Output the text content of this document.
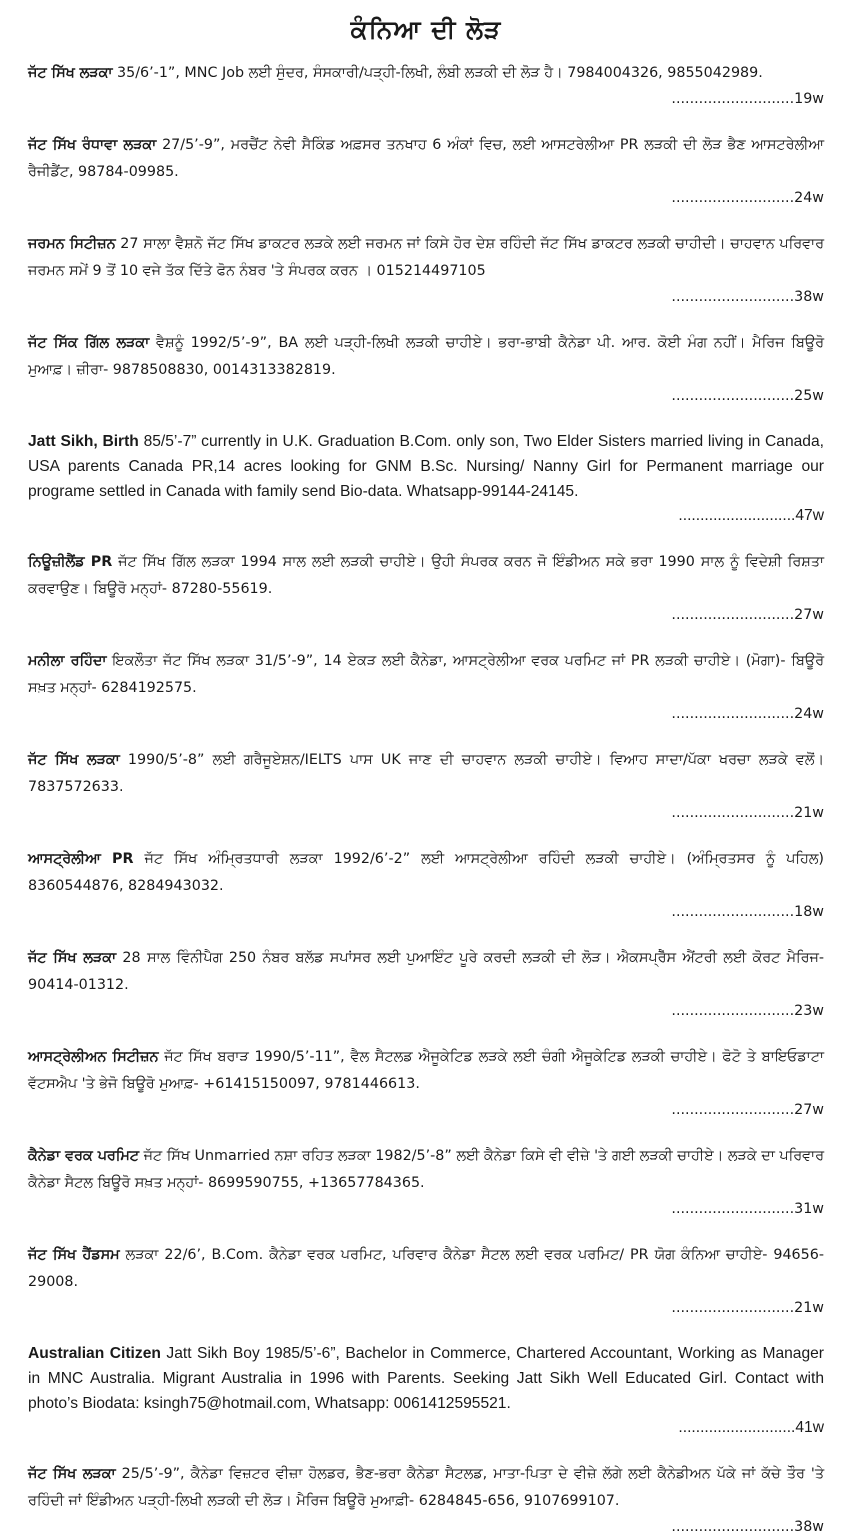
ਕੰਨਿਆ ਦੀ ਲੋੜ
ਜੱਟ ਸਿੱਖ ਲੜਕਾ 35/6’-1”, MNC Job ਲਈ ਸੁੰਦਰ, ਸੰਸਕਾਰੀ/ਪੜ੍ਹੀ-ਲਿਖੀ, ਲੰਬੀ ਲੜਕੀ ਦੀ ਲੋੜ ਹੈ। 7984004326, 9855042989.
...........................19w
ਜੱਟ ਸਿੱਖ ਰੰਧਾਵਾ ਲੜਕਾ 27/5’-9”, ਮਰਚੈਂਟ ਨੇਵੀ ਸੈਕਿੰਡ ਅਫ਼ਸਰ ਤਨਖਾਹ 6 ਅੰਕਾਂ ਵਿਚ, ਲਈ ਆਸਟਰੇਲੀਆ PR ਲੜਕੀ ਦੀ ਲੋੜ ਭੈਣ ਆਸਟਰੇਲੀਆ ਰੈਜੀਡੈਂਟ, 98784-09985.
...........................24w
ਜਰਮਨ ਸਿਟੀਜ਼ਨ 27 ਸਾਲਾ ਵੈਸ਼ਨੋ ਜੱਟ ਸਿੱਖ ਡਾਕਟਰ ਲੜਕੇ ਲਈ ਜਰਮਨ ਜਾਂ ਕਿਸੇ ਹੋਰ ਦੇਸ਼ ਰਹਿੰਦੀ ਜੱਟ ਸਿੱਖ ਡਾਕਟਰ ਲੜਕੀ ਚਾਹੀਦੀ। ਚਾਹਵਾਨ ਪਰਿਵਾਰ ਜਰਮਨ ਸਮੇਂ 9 ਤੋਂ 10 ਵਜੇ ਤੱਕ ਦਿੱਤੇ ਫੋਨ ਨੰਬਰ 'ਤੇ ਸੰਪਰਕ ਕਰਨ । 015214497105
...........................38w
ਜੱਟ ਸਿੱਕ ਗਿੱਲ ਲੜਕਾ ਵੈਸ਼ਨੂੰ 1992/5’-9”, BA ਲਈ ਪੜ੍ਹੀ-ਲਿਖੀ ਲੜਕੀ ਚਾਹੀਏ। ਭਰਾ-ਭਾਬੀ ਕੈਨੇਡਾ ਪੀ. ਆਰ. ਕੋਈ ਮੰਗ ਨਹੀਂ। ਮੈਰਿਜ ਬਿਊਰੋ ਮੁਆਫ਼। ਜ਼ੀਰਾ- 9878508830, 0014313382819.
...........................25w
Jatt Sikh, Birth 85/5’-7” currently in U.K. Graduation B.Com. only son, Two Elder Sisters married living in Canada, USA parents Canada PR,14 acres looking for GNM B.Sc. Nursing/ Nanny Girl for Permanent marriage our programe settled in Canada with family send Bio-data. Whatsapp-99144-24145.
...........................47w
ਨਿਊਜ਼ੀਲੈਂਡ PR ਜੱਟ ਸਿੱਖ ਗਿੱਲ ਲੜਕਾ 1994 ਸਾਲ ਲਈ ਲੜਕੀ ਚਾਹੀਏ। ਉਹੀ ਸੰਪਰਕ ਕਰਨ ਜੋ ਇੰਡੀਅਨ ਸਕੇ ਭਰਾ 1990 ਸਾਲ ਨੂੰ ਵਿਦੇਸ਼ੀ ਰਿਸ਼ਤਾ ਕਰਵਾਉਣ। ਬਿਊਰੋ ਮਨ੍ਹਾਂ- 87280-55619.
...........................27w
ਮਨੀਲਾ ਰਹਿੰਦਾ ਇਕਲੌਤਾ ਜੱਟ ਸਿੱਖ ਲੜਕਾ 31/5’-9”, 14 ਏਕੜ ਲਈ ਕੈਨੇਡਾ, ਆਸਟ੍ਰੇਲੀਆ ਵਰਕ ਪਰਮਿਟ ਜਾਂ PR ਲੜਕੀ ਚਾਹੀਏ। (ਮੋਗਾ)- ਬਿਊਰੋ ਸਖ਼ਤ ਮਨ੍ਹਾਂ- 6284192575.
...........................24w
ਜੱਟ ਸਿੱਖ ਲੜਕਾ 1990/5’-8” ਲਈ ਗਰੈਜੂਏਸ਼ਨ/IELTS ਪਾਸ UK ਜਾਣ ਦੀ ਚਾਹਵਾਨ ਲੜਕੀ ਚਾਹੀਏ। ਵਿਆਹ ਸਾਦਾ/ਪੱਕਾ ਖਰਚਾ ਲੜਕੇ ਵਲੋਂ। 7837572633.
...........................21w
ਆਸਟ੍ਰੇਲੀਆ PR ਜੱਟ ਸਿੱਖ ਅੰਮ੍ਰਿਤਧਾਰੀ ਲੜਕਾ 1992/6’-2” ਲਈ ਆਸਟ੍ਰੇਲੀਆ ਰਹਿੰਦੀ ਲੜਕੀ ਚਾਹੀਏ। (ਅੰਮ੍ਰਿਤਸਰ ਨੂੰ ਪਹਿਲ) 8360544876, 8284943032.
...........................18w
ਜੱਟ ਸਿੱਖ ਲੜਕਾ 28 ਸਾਲ ਵਿੰਨੀਪੈਗ 250 ਨੰਬਰ ਬਲੱਡ ਸਪਾਂਸਰ ਲਈ ਪੁਆਇੰਟ ਪੂਰੇ ਕਰਦੀ ਲੜਕੀ ਦੀ ਲੋੜ। ਐਕਸਪ੍ਰੈੱਸ ਐਂਟਰੀ ਲਈ ਕੋਰਟ ਮੈਰਿਜ- 90414-01312.
...........................23w
ਆਸਟ੍ਰੇਲੀਅਨ ਸਿਟੀਜ਼ਨ ਜੱਟ ਸਿੱਖ ਬਰਾੜ 1990/5’-11”, ਵੈਲ ਸੈਟਲਡ ਐਜੂਕੇਟਿਡ ਲੜਕੇ ਲਈ ਚੰਗੀ ਐਜੂਕੇਟਿਡ ਲੜਕੀ ਚਾਹੀਏ। ਫੋਟੋ ਤੇ ਬਾਇਓਡਾਟਾ ਵੱਟਸਐਪ 'ਤੇ ਭੇਜੋ ਬਿਊਰੋ ਮੁਆਫ਼- +61415150097, 9781446613.
...........................27w
ਕੈਨੇਡਾ ਵਰਕ ਪਰਮਿਟ ਜੱਟ ਸਿੱਖ Unmarried ਨਸ਼ਾ ਰਹਿਤ ਲੜਕਾ 1982/5’-8” ਲਈ ਕੈਨੇਡਾ ਕਿਸੇ ਵੀ ਵੀਜ਼ੇ 'ਤੇ ਗਈ ਲੜਕੀ ਚਾਹੀਏ। ਲੜਕੇ ਦਾ ਪਰਿਵਾਰ ਕੈਨੇਡਾ ਸੈਟਲ ਬਿਊਰੋ ਸਖ਼ਤ ਮਨ੍ਹਾਂ- 8699590755, +13657784365.
...........................31w
ਜੱਟ ਸਿੱਖ ਹੈਂਡਸਮ ਲੜਕਾ 22/6’, B.Com. ਕੈਨੇਡਾ ਵਰਕ ਪਰਮਿਟ, ਪਰਿਵਾਰ ਕੈਨੇਡਾ ਸੈਟਲ ਲਈ ਵਰਕ ਪਰਮਿਟ/ PR ਯੋਗ ਕੰਨਿਆ ਚਾਹੀਏ- 94656-29008.
...........................21w
Australian Citizen Jatt Sikh Boy 1985/5’-6”, Bachelor in Commerce, Chartered Accountant, Working as Manager in MNC Australia. Migrant Australia in 1996 with Parents. Seeking Jatt Sikh Well Educated Girl. Contact with photo’s Biodata: ksingh75@hotmail.com, Whatsapp: 0061412595521.
...........................41w
ਜੱਟ ਸਿੱਖ ਲੜਕਾ 25/5’-9”, ਕੈਨੇਡਾ ਵਿਜ਼ਟਰ ਵੀਜ਼ਾ ਹੋਲਡਰ, ਭੈਣ-ਭਰਾ ਕੈਨੇਡਾ ਸੈਟਲਡ, ਮਾਤਾ-ਪਿਤਾ ਦੇ ਵੀਜ਼ੇ ਲੱਗੇ ਲਈ ਕੈਨੇਡੀਅਨ ਪੱਕੇ ਜਾਂ ਕੱਚੇ ਤੌਰ 'ਤੇ ਰਹਿੰਦੀ ਜਾਂ ਇੰਡੀਅਨ ਪੜ੍ਹੀ-ਲਿਖੀ ਲੜਕੀ ਦੀ ਲੋੜ। ਮੈਰਿਜ ਬਿਊਰੋ ਮੁਆਫ਼ੀ- 6284845-656, 9107699107.
...........................38w
